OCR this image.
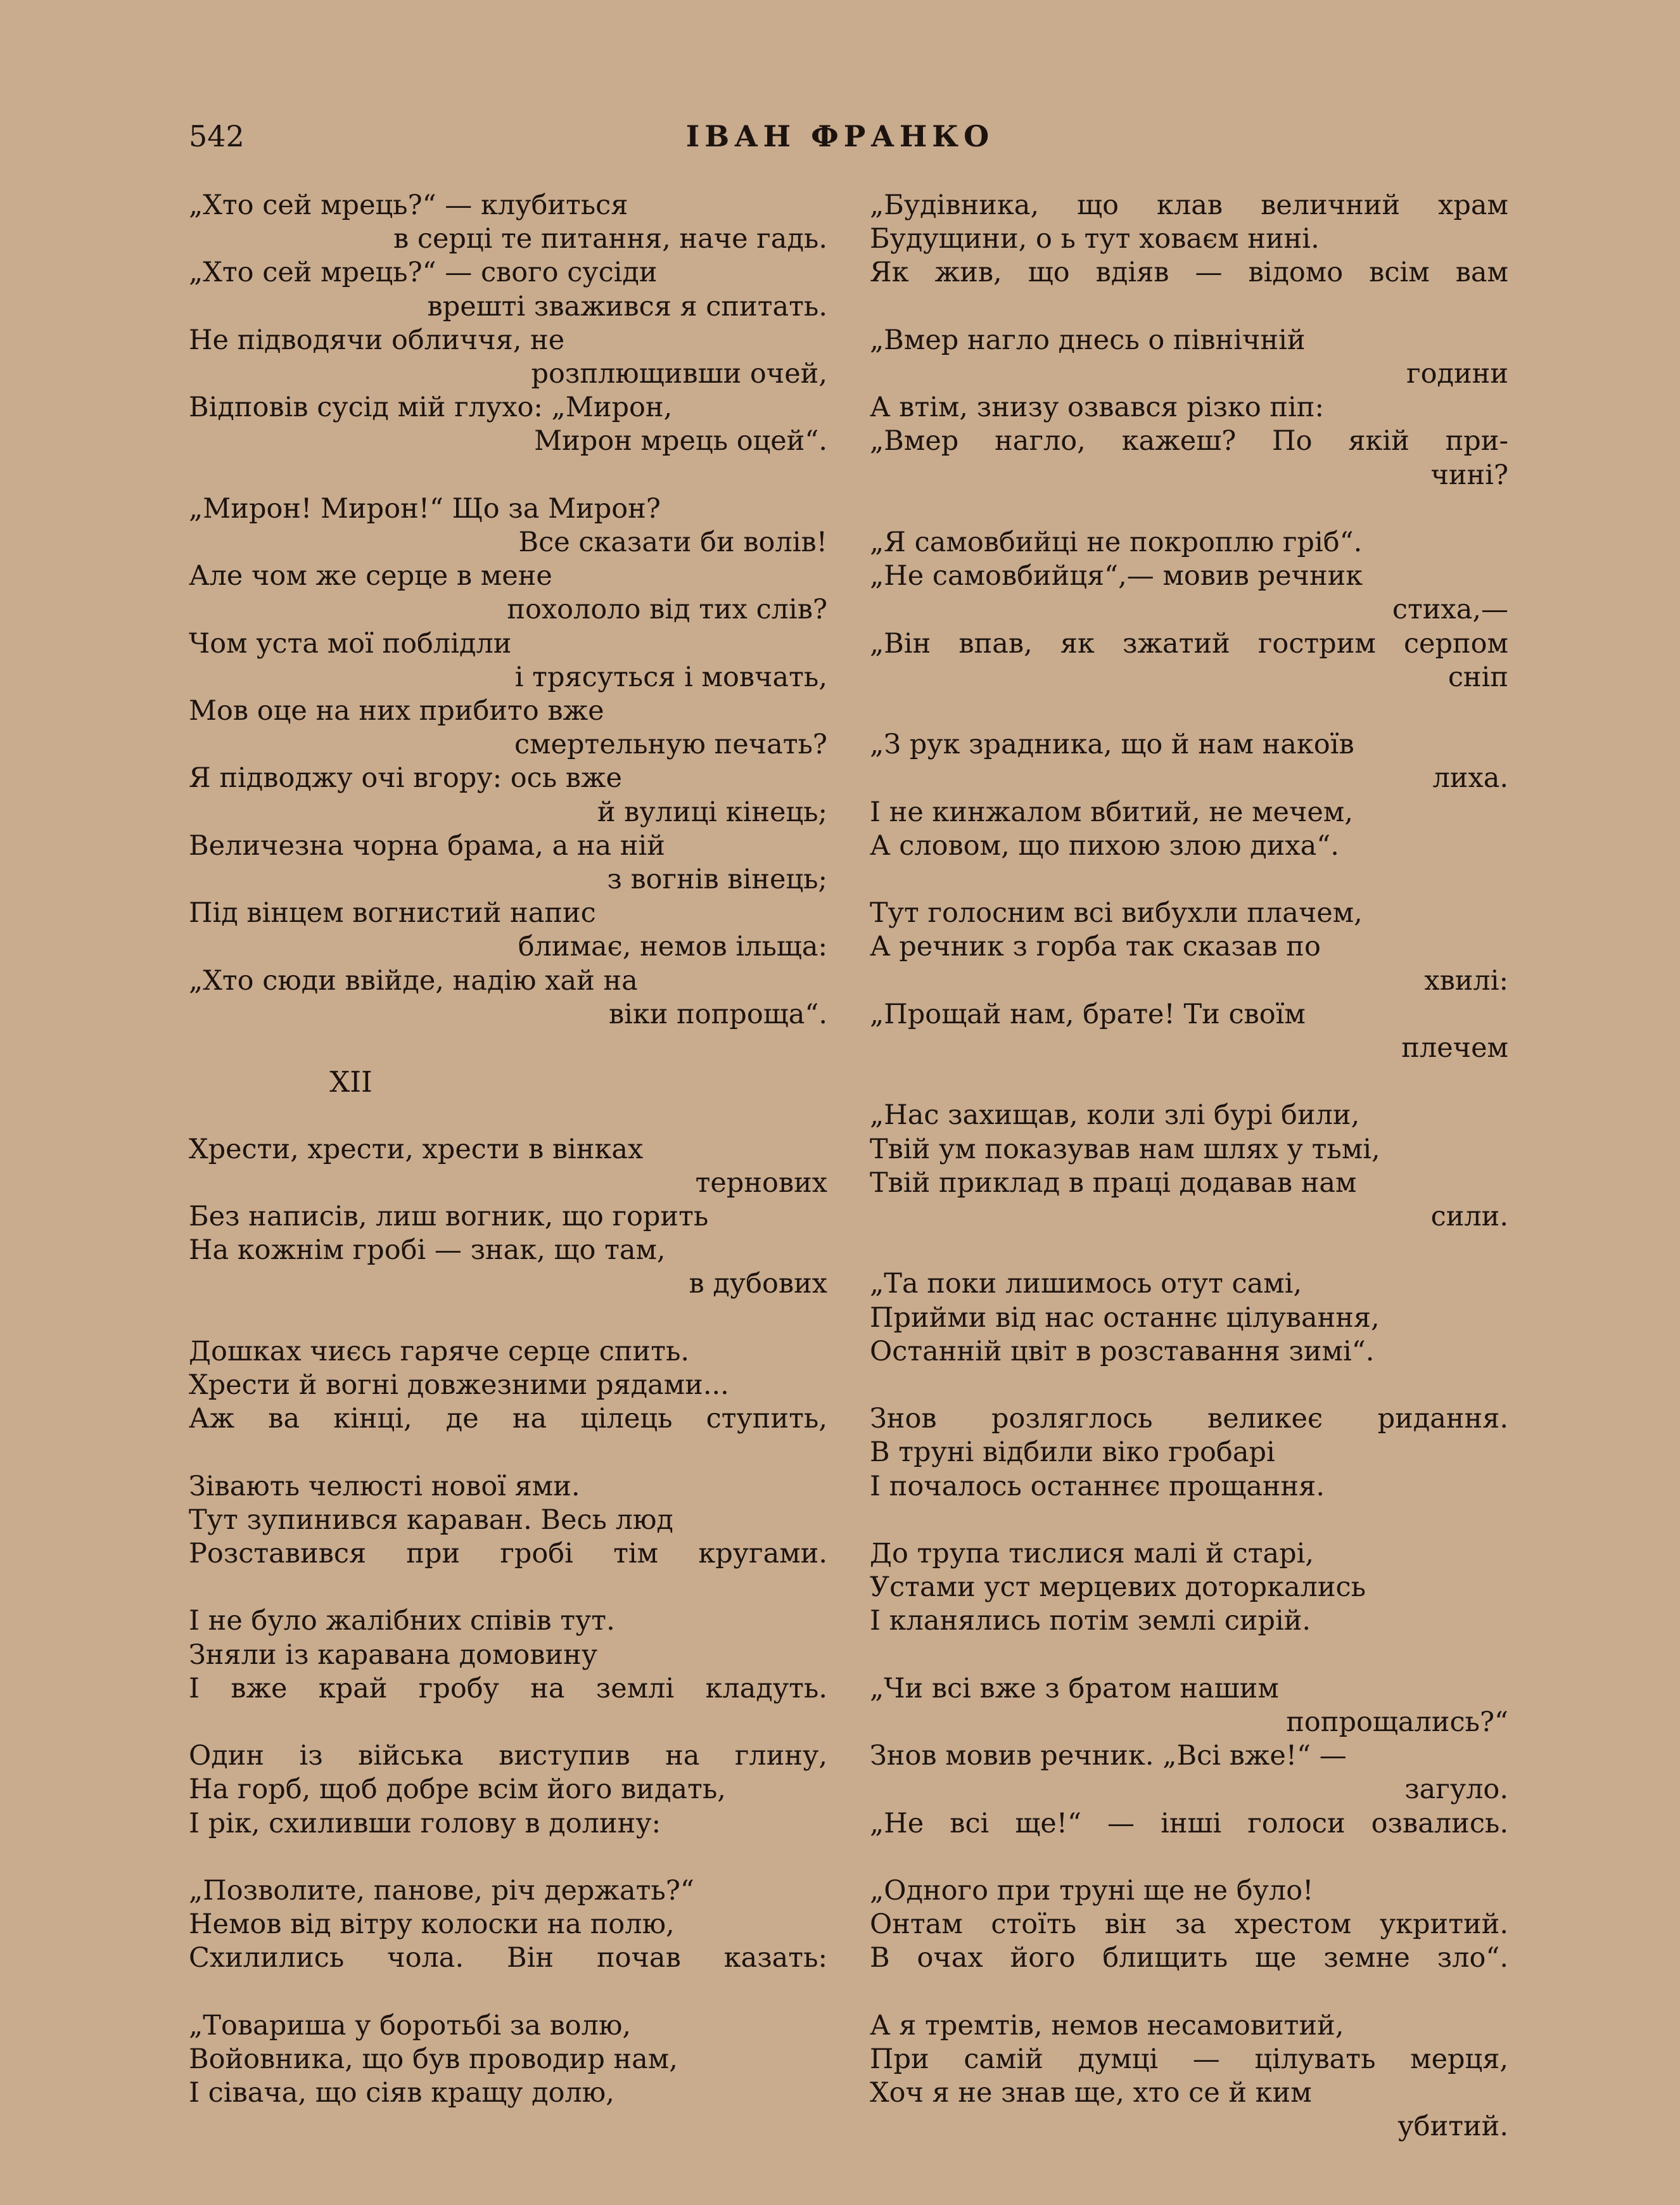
542	ІВАН ФРАНКО
„Хто сей мрець?“ — клубиться
в серці те питання, наче гадь.
„Хто сей мрець?“ — свого сусіди
врешті зважився я спитать.
Не підводячи обличчя, не
розплющивши очей,
Відповів сусід мій глухо: „Мирон,
Мирон мрець оцей“.
„Мирон! Мирон!“ Що за Мирон?
Все сказати би волів!
Але чом же серце в мене
похололо від тих слів?
Чом уста мої поблідли
і трясуться і мовчать,
Мов оце на них прибито вже
смертельную печать?
Я підводжу очі вгору: ось вже
й вулиці кінець;
Величезна чорна брама, а на ній
з вогнів вінець;
Під вінцем вогнистий напис
блимає, немов ільща:
„Хто сюди ввійде, надію хай на
віки попроща“.
XII
Хрести, хрести, хрести в вінках
тернових
Без написів, лиш вогник, що горить
На кожнім гробі — знак, що там,
в дубових
Дошках чиєсь гаряче серце спить.
Хрести й вогні довжезними рядами...
Аж ва кінці, де на цілець ступить,
Зівають челюсті нової ями.
Тут зупинився караван. Весь люд
Розставився при гробі тім кругами.
І не було жалібних співів тут.
Зняли із каравана домовину
І вже край гробу на землі кладуть.
Один із війська виступив на глину,
На горб, щоб добре всім його видать,
І рік, схиливши голову в долину:
„Позволите, панове, річ держать?“
Немов від вітру колоски на полю,
Схилились чола. Він почав казать:
„Товариша у боротьбі за волю,
Войовника, що був проводир нам,
І сівача, що сіяв кращу долю,
„Будівника, що клав величний храм
Будущини, о ь тут ховаєм нині.
Як жив, що вдіяв — відомо всім вам
„Вмер нагло днесь о північній
години
А втім, знизу озвався різко піп:
„Вмер нагло, кажеш? По якій при-
чині?
„Я самовбийці не покроплю гріб“.
„Не самовбийця“,— мовив речник
стиха,—
„Він впав, як зжатий гострим серпом
сніп
„З рук зрадника, що й нам накоїв
лиха.
І не кинжалом вбитий, не мечем,
А словом, що пихою злою диха“.
Тут голосним всі вибухли плачем,
А речник з горба так сказав по
хвилі:
„Прощай нам, брате! Ти своїм
плечем
„Нас захищав, коли злі бурі били,
Твій ум показував нам шлях у тьмі,
Твій приклад в праці додавав нам
сили.
„Та поки лишимось отут самі,
Прийми від нас останнє цілування,
Останній цвіт в розставання зимі“.
Знов розляглось великеє ридання.
В труні відбили віко гробарі
І почалось останнєє прощання.
До трупа тислися малі й старі,
Устами уст мерцевих доторкались
І кланялись потім землі сирій.
„Чи всі вже з братом нашим
попрощались?“
Знов мовив речник. „Всі вже!“ —
загуло.
„Не всі ще!“ — інші голоси озвались.
„Одного при труні ще не було!
Онтам стоїть він за хрестом укритий.
В очах його блищить ще земне зло“.
А я тремтів, немов несамовитий,
При самій думці — цілувать мерця,
Хоч я не знав ще, хто се й ким
убитий.
